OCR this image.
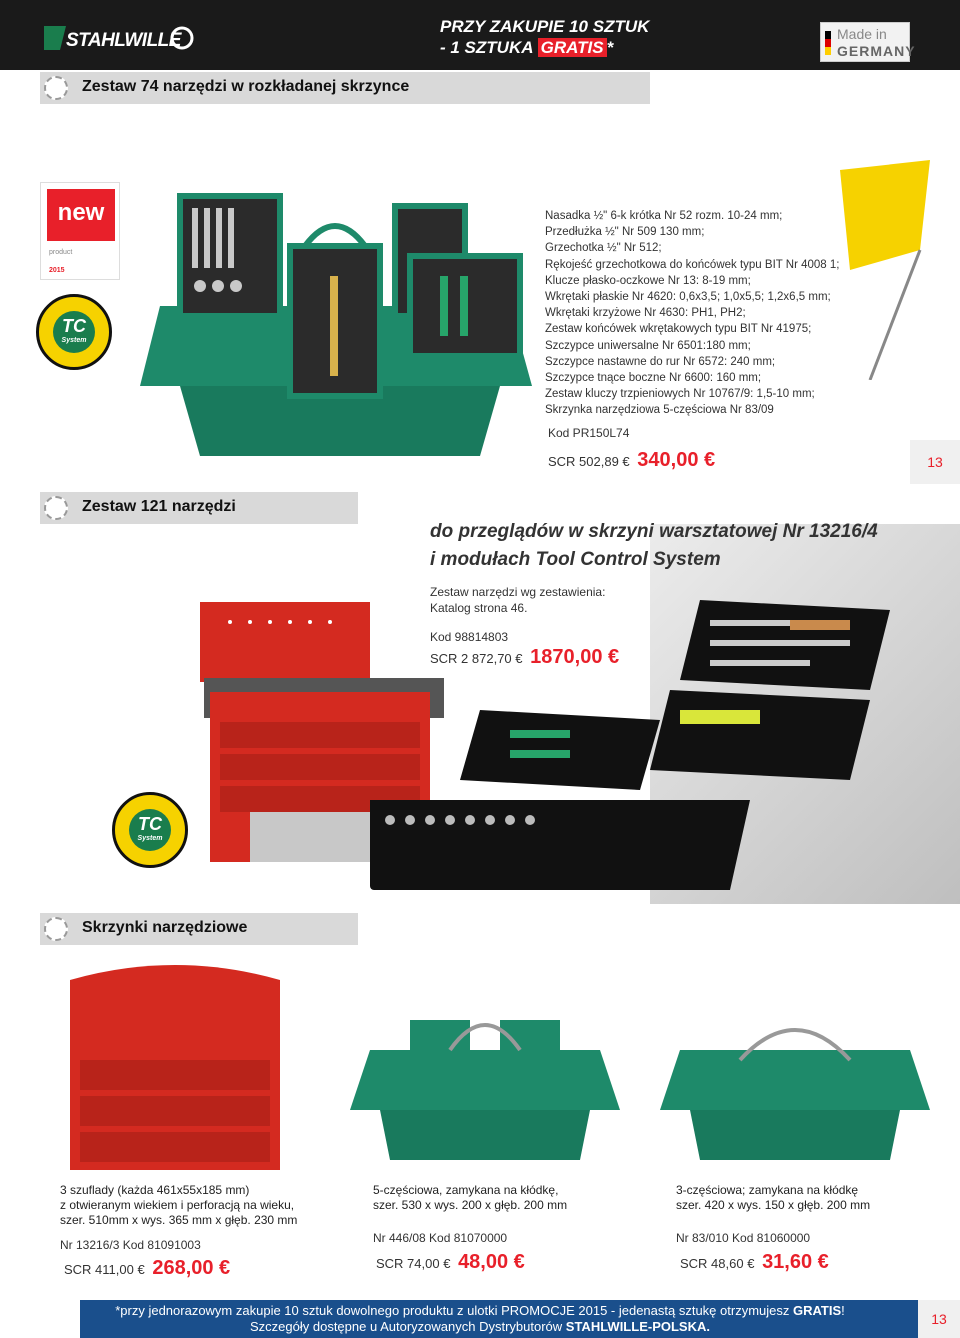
STAHLWILLE
PRZY ZAKUPIE 10 SZTUK
- 1 SZTUKA GRATIS *
Made in
GERMANY
Zestaw 74 narzędzi w rozkładanej skrzynce
new
product
2015
TC
System
Nasadka ½" 6-k krótka Nr 52 rozm. 10-24 mm;
Przedłużka ½" Nr 509 130 mm;
Grzechotka ½" Nr 512;
Rękojeść grzechotkowa do końcówek typu BIT Nr 4008 1;
Klucze płasko-oczkowe Nr 13: 8-19 mm;
Wkrętaki płaskie Nr 4620: 0,6x3,5; 1,0x5,5; 1,2x6,5 mm;
Wkrętaki krzyżowe Nr 4630: PH1, PH2;
Zestaw końcówek wkrętakowych typu BIT Nr 41975;
Szczypce uniwersalne Nr 6501:180 mm;
Szczypce nastawne do rur Nr 6572: 240 mm;
Szczypce tnące boczne Nr 6600: 160 mm;
Zestaw kluczy trzpieniowych Nr 10767/9: 1,5-10 mm;
Skrzynka narzędziowa 5-częściowa Nr 83/09
Kod PR150L74
SCR 502,89 € 340,00 €	13
Zestaw 121 narzędzi
do przeglądów w skrzyni warsztatowej Nr 13216/4
i modułach Tool Control System
Zestaw narzędzi wg zestawienia:
Katalog strona 46.
Kod 98814803
SCR 2 872,70 € 1870,00 €
TC
System
Skrzynki narzędziowe
3 szuflady (każda 461x55x185 mm)
z otwieranym wiekiem i perforacją na wieku,
szer. 510mm x wys. 365 mm x głęb. 230 mm
Nr 13216/3 Kod 81091003
SCR 411,00 € 268,00 €
5-częściowa, zamykana na kłódkę,
szer. 530 x wys. 200 x głęb. 200 mm
Nr 446/08 Kod 81070000
SCR 74,00 € 48,00 €
3-częściowa; zamykana na kłódkę
szer. 420 x wys. 150 x głęb. 200 mm
Nr 83/010 Kod 81060000
SCR 48,60 € 31,60 €
*przy jednorazowym zakupie 10 sztuk dowolnego produktu z ulotki PROMOCJE 2015 - jedenastą sztukę otrzymujesz GRATIS!
Szczegóły dostępne u Autoryzowanych Dystrybutorów STAHLWILLE-POLSKA.	13
